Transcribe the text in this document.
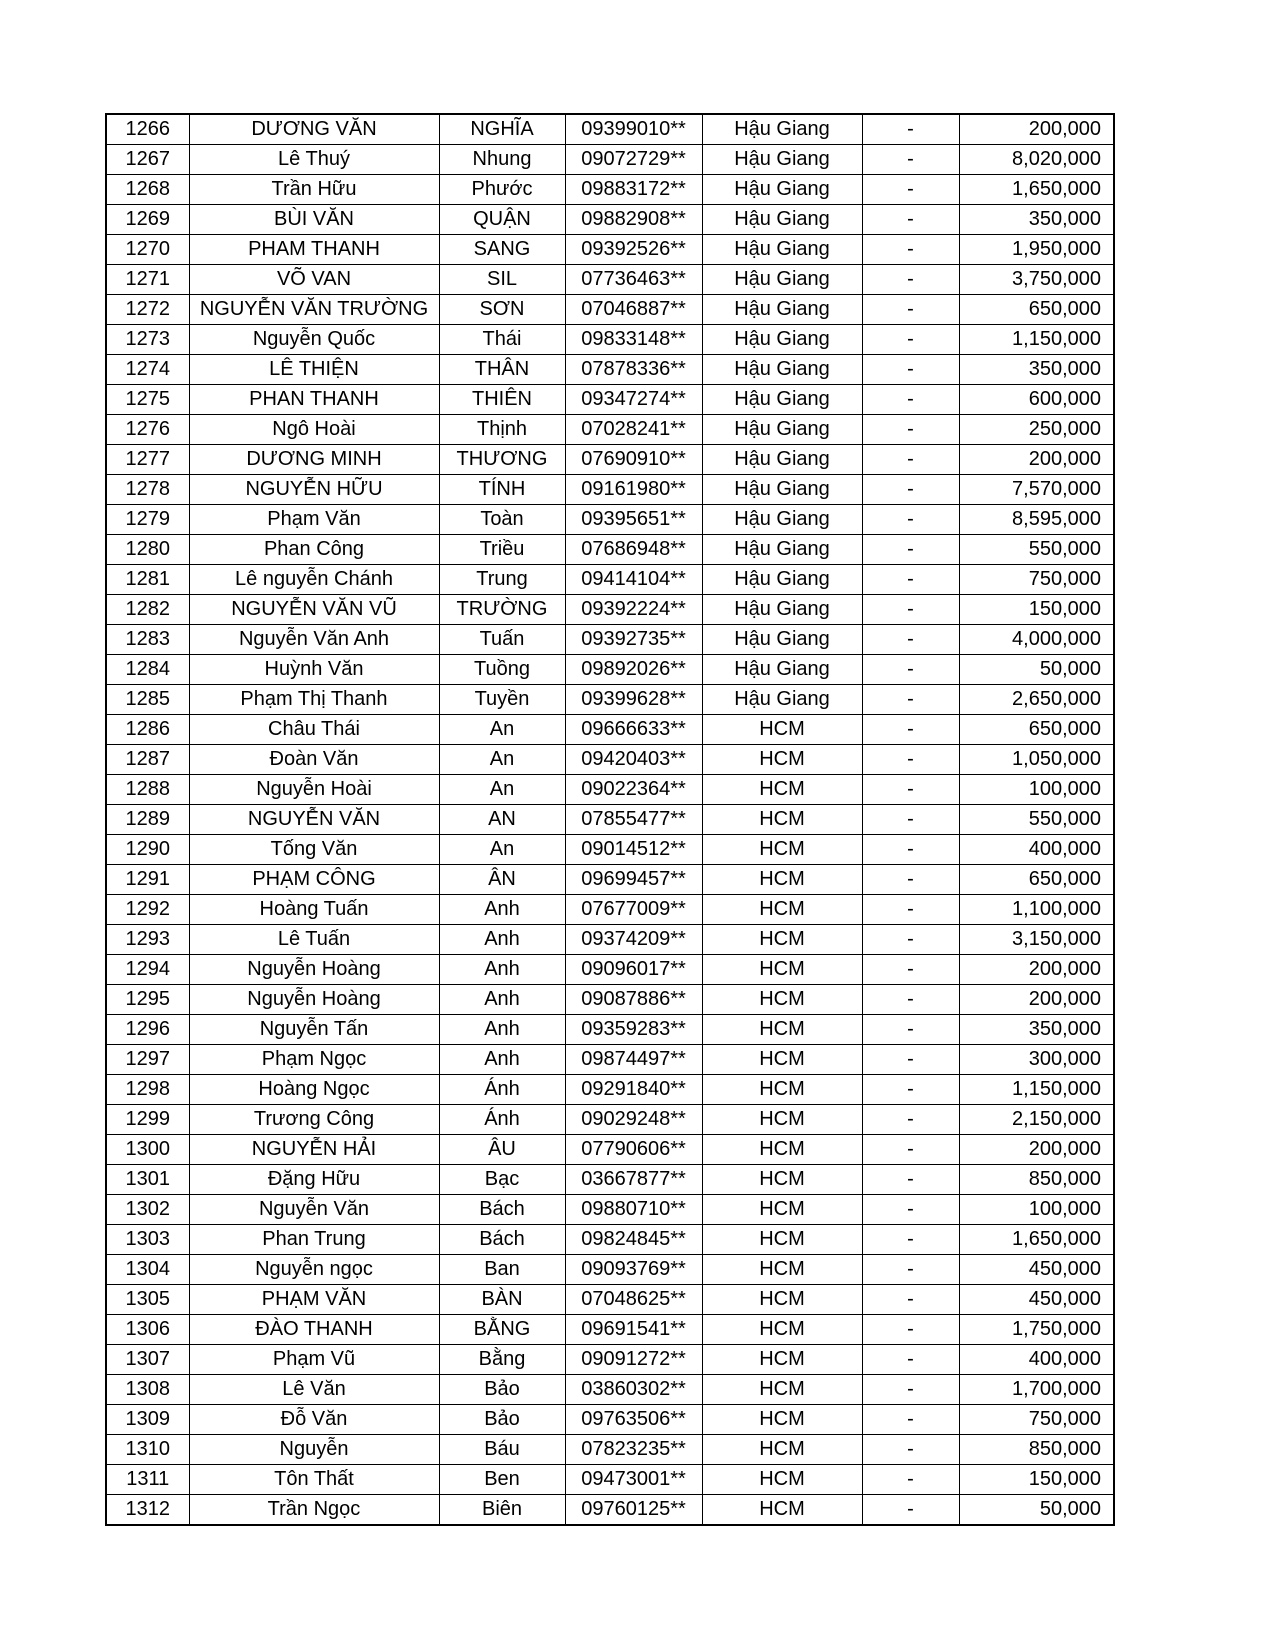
1266	DƯƠNG VĂN	NGHĨA	09399010**	Hậu Giang	-	200,000
1267	Lê Thuý	Nhung	09072729**	Hậu Giang	-	8,020,000
1268	Trần Hữu	Phước	09883172**	Hậu Giang	-	1,650,000
1269	BÙI VĂN	QUẬN	09882908**	Hậu Giang	-	350,000
1270	PHAM THANH	SANG	09392526**	Hậu Giang	-	1,950,000
1271	VÕ VAN	SIL	07736463**	Hậu Giang	-	3,750,000
1272	NGUYỄN VĂN TRƯỜNG	SƠN	07046887**	Hậu Giang	-	650,000
1273	Nguyễn Quốc	Thái	09833148**	Hậu Giang	-	1,150,000
1274	LÊ THIỆN	THÂN	07878336**	Hậu Giang	-	350,000
1275	PHAN THANH	THIÊN	09347274**	Hậu Giang	-	600,000
1276	Ngô Hoài	Thịnh	07028241**	Hậu Giang	-	250,000
1277	DƯƠNG MINH	THƯƠNG	07690910**	Hậu Giang	-	200,000
1278	NGUYỄN HỮU	TÍNH	09161980**	Hậu Giang	-	7,570,000
1279	Phạm Văn	Toàn	09395651**	Hậu Giang	-	8,595,000
1280	Phan Công	Triều	07686948**	Hậu Giang	-	550,000
1281	Lê nguyễn Chánh	Trung	09414104**	Hậu Giang	-	750,000
1282	NGUYỄN VĂN VŨ	TRƯỜNG	09392224**	Hậu Giang	-	150,000
1283	Nguyễn Văn Anh	Tuấn	09392735**	Hậu Giang	-	4,000,000
1284	Huỳnh Văn	Tuồng	09892026**	Hậu Giang	-	50,000
1285	Phạm Thị Thanh	Tuyền	09399628**	Hậu Giang	-	2,650,000
1286	Châu Thái	An	09666633**	HCM	-	650,000
1287	Đoàn Văn	An	09420403**	HCM	-	1,050,000
1288	Nguyễn Hoài	An	09022364**	HCM	-	100,000
1289	NGUYỄN VĂN	AN	07855477**	HCM	-	550,000
1290	Tống Văn	An	09014512**	HCM	-	400,000
1291	PHẠM CÔNG	ÂN	09699457**	HCM	-	650,000
1292	Hoàng Tuấn	Anh	07677009**	HCM	-	1,100,000
1293	Lê Tuấn	Anh	09374209**	HCM	-	3,150,000
1294	Nguyễn Hoàng	Anh	09096017**	HCM	-	200,000
1295	Nguyễn Hoàng	Anh	09087886**	HCM	-	200,000
1296	Nguyễn Tấn	Anh	09359283**	HCM	-	350,000
1297	Phạm Ngọc	Anh	09874497**	HCM	-	300,000
1298	Hoàng Ngọc	Ánh	09291840**	HCM	-	1,150,000
1299	Trương Công	Ánh	09029248**	HCM	-	2,150,000
1300	NGUYỄN HẢI	ÂU	07790606**	HCM	-	200,000
1301	Đặng Hữu	Bạc	03667877**	HCM	-	850,000
1302	Nguyễn Văn	Bách	09880710**	HCM	-	100,000
1303	Phan Trung	Bách	09824845**	HCM	-	1,650,000
1304	Nguyễn ngọc	Ban	09093769**	HCM	-	450,000
1305	PHẠM VĂN	BÀN	07048625**	HCM	-	450,000
1306	ĐÀO THANH	BẰNG	09691541**	HCM	-	1,750,000
1307	Phạm Vũ	Bằng	09091272**	HCM	-	400,000
1308	Lê Văn	Bảo	03860302**	HCM	-	1,700,000
1309	Đỗ Văn	Bảo	09763506**	HCM	-	750,000
1310	Nguyễn	Báu	07823235**	HCM	-	850,000
1311	Tôn Thất	Ben	09473001**	HCM	-	150,000
1312	Trần Ngọc	Biên	09760125**	HCM	-	50,000
